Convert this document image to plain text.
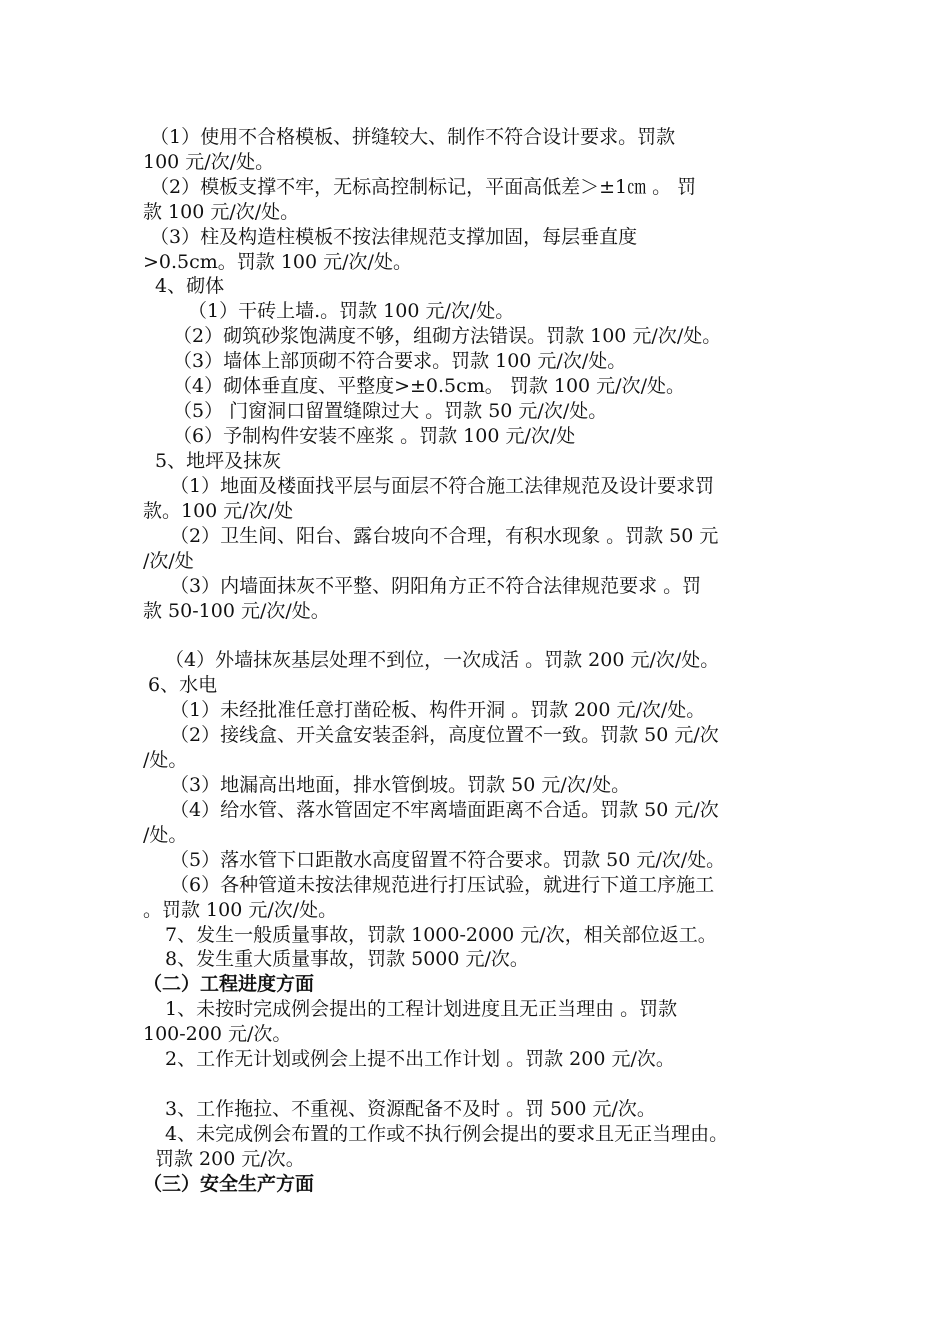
（1）使用不合格模板、拼缝较大、制作不符合设计要求。罚款
100 元/次/处。
（2）模板支撑不牢，无标高控制标记，平面高低差＞±1㎝ 。 罚
款 100 元/次/处。
（3）柱及构造柱模板不按法律规范支撑加固，每层垂直度
>0.5cm。罚款 100 元/次/处。
4、砌体
（1）干砖上墙.。罚款 100 元/次/处。
（2）砌筑砂浆饱满度不够，组砌方法错误。罚款 100 元/次/处。
（3）墙体上部顶砌不符合要求。罚款 100 元/次/处。
（4）砌体垂直度、平整度>±0.5cm。 罚款 100 元/次/处。
（5） 门窗洞口留置缝隙过大 。罚款 50 元/次/处。
（6）予制构件安装不座浆 。罚款 100 元/次/处
5、地坪及抹灰
（1）地面及楼面找平层与面层不符合施工法律规范及设计要求罚
款。100 元/次/处
（2）卫生间、阳台、露台坡向不合理，有积水现象 。罚款 50 元
/次/处
（3）内墙面抹灰不平整、阴阳角方正不符合法律规范要求 。罚
款 50-100 元/次/处。
（4）外墙抹灰基层处理不到位，一次成活 。罚款 200 元/次/处。
6、水电
（1）未经批准任意打凿砼板、构件开洞 。罚款 200 元/次/处。
（2）接线盒、开关盒安装歪斜，高度位置不一致。罚款 50 元/次
/处。
（3）地漏高出地面，排水管倒坡。罚款 50 元/次/处。
（4）给水管、落水管固定不牢离墙面距离不合适。罚款 50 元/次
/处。
（5）落水管下口距散水高度留置不符合要求。罚款 50 元/次/处。
（6）各种管道未按法律规范进行打压试验，就进行下道工序施工
。罚款 100 元/次/处。
7、发生一般质量事故，罚款 1000-2000 元/次，相关部位返工。
8、发生重大质量事故，罚款 5000 元/次。
（二）工程进度方面
1、未按时完成例会提出的工程计划进度且无正当理由 。罚款
100-200 元/次。
2、工作无计划或例会上提不出工作计划 。罚款 200 元/次。
3、工作拖拉、不重视、资源配备不及时 。罚 500 元/次。
4、未完成例会布置的工作或不执行例会提出的要求且无正当理由。
罚款 200 元/次。
（三）安全生产方面
